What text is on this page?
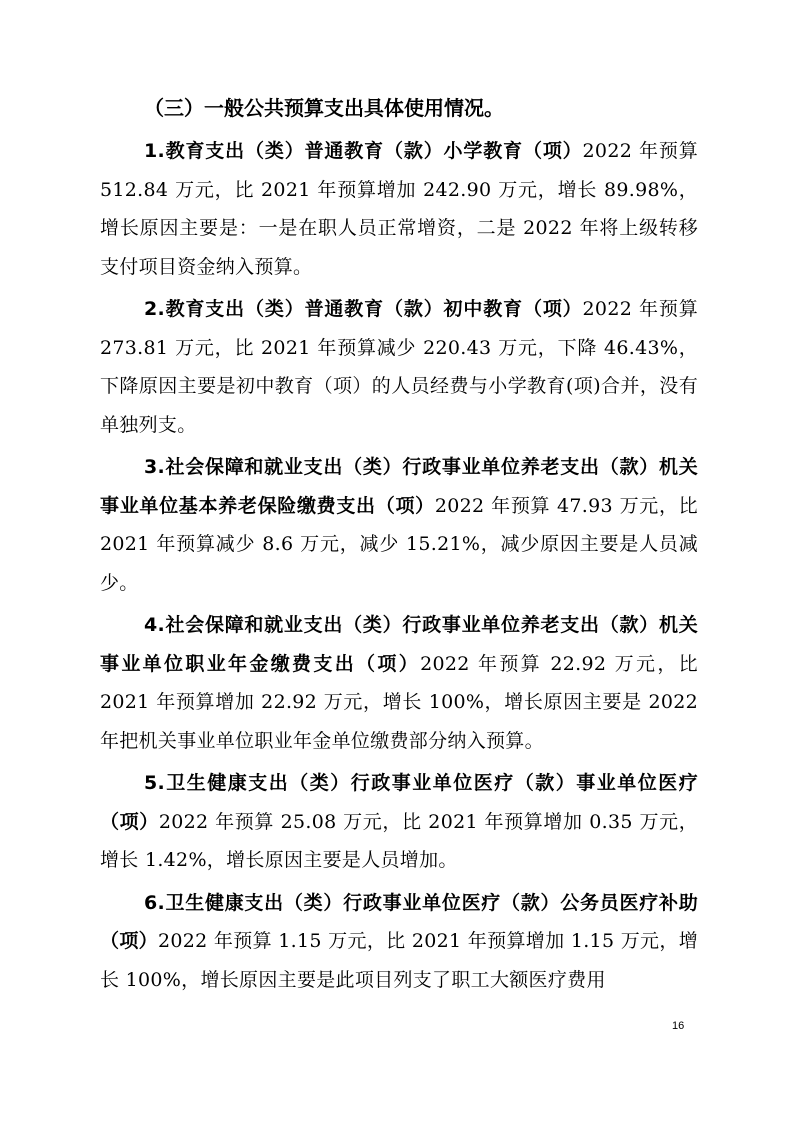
（三）一般公共预算支出具体使用情况。

1.教育支出（类）普通教育（款）小学教育（项）2022 年预算 512.84 万元，比 2021 年预算增加 242.90 万元，增长 89.98%，增长原因主要是：一是在职人员正常增资，二是 2022 年将上级转移支付项目资金纳入预算。

2.教育支出（类）普通教育（款）初中教育（项）2022 年预算 273.81 万元，比 2021 年预算减少 220.43 万元，下降 46.43%，下降原因主要是初中教育（项）的人员经费与小学教育(项)合并，没有单独列支。

3.社会保障和就业支出（类）行政事业单位养老支出（款）机关事业单位基本养老保险缴费支出（项）2022 年预算 47.93 万元，比 2021 年预算减少 8.6 万元，减少 15.21%，减少原因主要是人员减少。

4.社会保障和就业支出（类）行政事业单位养老支出（款）机关事业单位职业年金缴费支出（项）2022 年预算 22.92 万元，比 2021 年预算增加 22.92 万元，增长 100%，增长原因主要是 2022 年把机关事业单位职业年金单位缴费部分纳入预算。

5.卫生健康支出（类）行政事业单位医疗（款）事业单位医疗（项）2022 年预算 25.08 万元，比 2021 年预算增加 0.35 万元，增长 1.42%，增长原因主要是人员增加。

6.卫生健康支出（类）行政事业单位医疗（款）公务员医疗补助（项）2022 年预算 1.15 万元，比 2021 年预算增加 1.15 万元，增长 100%，增长原因主要是此项目列支了职工大额医疗费用

16
